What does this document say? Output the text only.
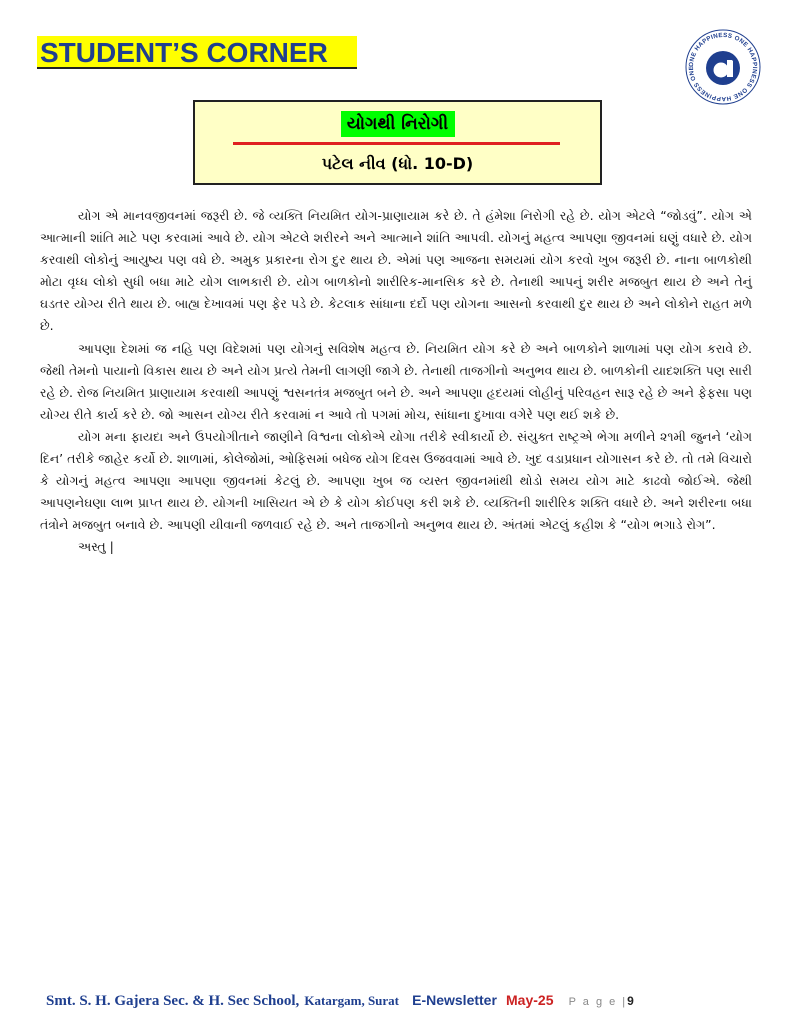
STUDENT’S CORNER	ONE HAPPINESS ONE HAPPINESS ONE HAPPINESS ONE
યોગથી નિરોગી
પટેલ નીવ (ધો. 10-D)

યોગ એ માનવજીવનમાં જરૂરી છે. જે વ્યક્તિ નિયમિત યોગ-પ્રાણાયામ કરે છે. તે હંમેશા નિરોગી રહે છે. યોગ એટલે “જોડવું”. યોગ એ આત્માની શાંતિ માટે પણ કરવામાં આવે છે. યોગ એટલે શરીરને અને આત્માને શાંતિ આપવી. યોગનું મહત્વ આપણા જીવનમાં ઘણું વધારે છે. યોગ કરવાથી લોકોનું આયુષ્ય પણ વધે છે. અમુક પ્રકારના રોગ દુર થાય છે. એમાં પણ આજના સમયમાં યોગ કરવો ખુબ જરૂરી છે. નાના બાળકોથી મોટા વૃધ્ધ લોકો સુધી બધા માટે યોગ લાભકારી છે. યોગ બાળકોનો શારીરિક-માનસિક કરે છે. તેનાથી આપનું શરીર મજબુત થાય છે અને તેનું ઘડતર યોગ્ય રીતે થાય છે. બાહ્ય દેખાવમાં પણ ફેર પડે છે. કેટલાક સાંધાના દર્દો પણ યોગના આસનો કરવાથી દુર થાય છે અને લોકોને રાહત મળે છે.

આપણા દેશમાં જ નહિ પણ વિદેશમાં પણ યોગનું સવિશેષ મહત્વ છે. નિયમિત યોગ કરે છે અને બાળકોને શાળામાં પણ યોગ કરાવે છે. જેથી તેમનો પાયાનો વિકાસ થાય છે અને યોગ પ્રત્યે તેમની લાગણી જાગે છે. તેનાથી તાજગીનો અનુભવ થાય છે. બાળકોની યાદશક્તિ પણ સારી રહે છે. રોજ નિયમિત પ્રાણાયામ કરવાથી આપણું શ્વસનતંત્ર મજબુત બને છે. અને આપણા હૃદયમાં લોહીનું પરિવહન સારૂ રહે છે અને ફેફસા પણ યોગ્ય રીતે કાર્ય કરે છે. જો આસન યોગ્ય રીતે કરવામાં ન આવે તો પગમાં મોચ, સાંધાના દુખાવા વગેરે પણ થઈ શકે છે.

યોગ મના ફાયદા અને ઉપયોગીતાને જાણીને વિશ્વના લોકોએ યોગા તરીકે સ્વીકાર્યો છે. સંયુક્ત રાષ્ટ્રએ ભેગા મળીને ૨૧મી જુનને ‘યોગ દિન’ તરીકે જાહેર કર્યો છે. શાળામાં, કોલેજોમાં, ઓફિસમાં બધેજ યોગ દિવસ ઉજવવામાં આવે છે. ખુદ વડાપ્રધાન યોગાસન કરે છે. તો તમે વિચારો કે યોગનું મહત્વ આપણા આપણા જીવનમાં કેટલું છે. આપણા ખુબ જ વ્યસ્ત જીવનમાંથી થોડો સમય યોગ માટે કાઢવો જોઈએ. જેથી આપણનેઘણા લાભ પ્રાપ્ત થાય છે. યોગની ખાસિયત એ છે કે યોગ કોઈપણ કરી શકે છે. વ્યક્તિની શારીરિક શક્તિ વધારે છે. અને શરીરના બધા તંત્રોને મજબુત બનાવે છે. આપણી યીવાની જળવાઈ રહે છે. અને તાજગીનો અનુભવ થાય છે. અંતમાં એટલું કહીશ કે “યોગ ભગાડે રોગ”.

અસ્તુ |

Smt. S. H. Gajera Sec. & H. Sec School, Katargam, Surat E-Newsletter May-25 P a g e |9
